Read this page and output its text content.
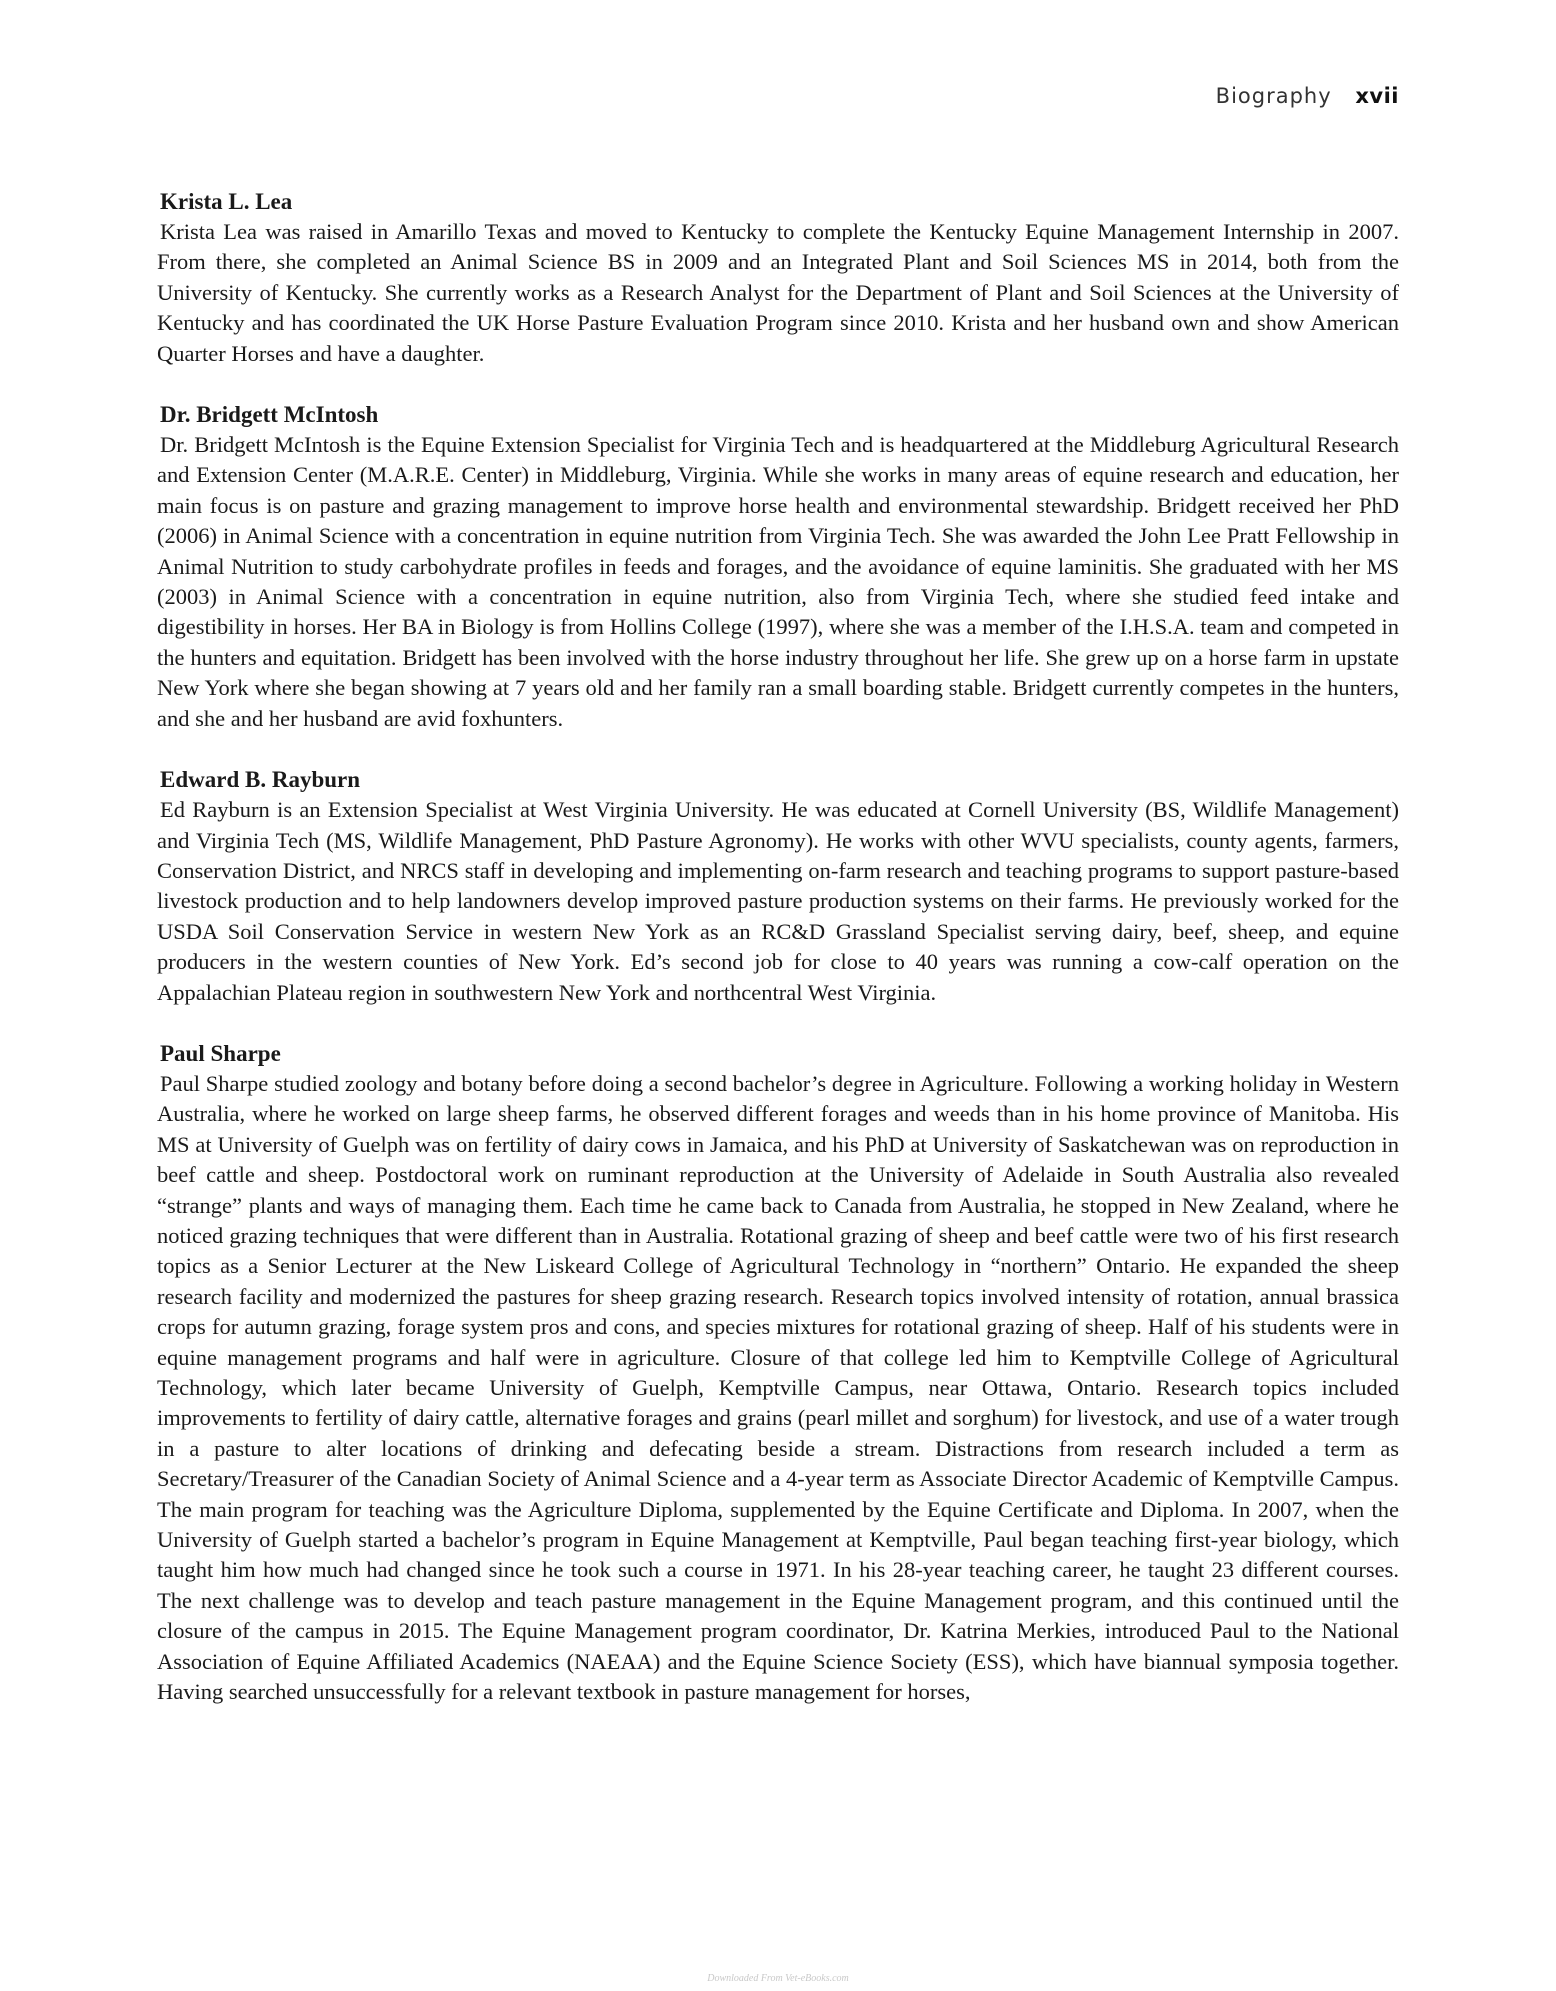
Biography xvii

Krista L. Lea

Krista Lea was raised in Amarillo Texas and moved to Kentucky to complete the Kentucky Equine Management Internship in 2007. From there, she completed an Animal Science BS in 2009 and an Integrated Plant and Soil Sciences MS in 2014, both from the University of Kentucky. She currently works as a Research Analyst for the Department of Plant and Soil Sciences at the University of Kentucky and has coordinated the UK Horse Pasture Evaluation Program since 2010. Krista and her husband own and show American Quarter Horses and have a daughter.

Dr. Bridgett McIntosh

Dr. Bridgett McIntosh is the Equine Extension Specialist for Virginia Tech and is headquartered at the Middleburg Agricultural Research and Extension Center (M.A.R.E. Center) in Middleburg, Virginia. While she works in many areas of equine research and education, her main focus is on pasture and grazing management to improve horse health and environmental stewardship. Bridgett received her PhD (2006) in Animal Science with a concentration in equine nutrition from Virginia Tech. She was awarded the John Lee Pratt Fellowship in Animal Nutrition to study carbohydrate profiles in feeds and forages, and the avoidance of equine laminitis. She graduated with her MS (2003) in Animal Science with a concentration in equine nutrition, also from Virginia Tech, where she studied feed intake and digestibility in horses. Her BA in Biology is from Hollins College (1997), where she was a member of the I.H.S.A. team and competed in the hunters and equitation. Bridgett has been involved with the horse industry throughout her life. She grew up on a horse farm in upstate New York where she began showing at 7 years old and her family ran a small boarding stable. Bridgett currently competes in the hunters, and she and her husband are avid foxhunters.

Edward B. Rayburn

Ed Rayburn is an Extension Specialist at West Virginia University. He was educated at Cornell University (BS, Wildlife Management) and Virginia Tech (MS, Wildlife Management, PhD Pasture Agronomy). He works with other WVU specialists, county agents, farmers, Conservation District, and NRCS staff in developing and implementing on-farm research and teaching programs to support pasture-based livestock production and to help landowners develop improved pasture production systems on their farms. He previously worked for the USDA Soil Conservation Service in western New York as an RC&D Grassland Specialist serving dairy, beef, sheep, and equine producers in the western counties of New York. Ed’s second job for close to 40 years was running a cow-calf operation on the Appalachian Plateau region in southwestern New York and northcentral West Virginia.

Paul Sharpe

Paul Sharpe studied zoology and botany before doing a second bachelor’s degree in Agriculture. Following a working holiday in Western Australia, where he worked on large sheep farms, he observed different forages and weeds than in his home province of Manitoba. His MS at University of Guelph was on fertility of dairy cows in Jamaica, and his PhD at University of Saskatchewan was on reproduction in beef cattle and sheep. Postdoctoral work on ruminant reproduction at the University of Adelaide in South Australia also revealed “strange” plants and ways of managing them. Each time he came back to Canada from Australia, he stopped in New Zealand, where he noticed grazing techniques that were different than in Australia. Rotational grazing of sheep and beef cattle were two of his first research topics as a Senior Lecturer at the New Liskeard College of Agricultural Technology in “northern” Ontario. He expanded the sheep research facility and modernized the pastures for sheep grazing research. Research topics involved intensity of rotation, annual brassica crops for autumn grazing, forage system pros and cons, and species mixtures for rotational grazing of sheep. Half of his students were in equine management programs and half were in agriculture. Closure of that college led him to Kemptville College of Agricultural Technology, which later became University of Guelph, Kemptville Campus, near Ottawa, Ontario. Research topics included improvements to fertility of dairy cattle, alternative forages and grains (pearl millet and sorghum) for livestock, and use of a water trough in a pasture to alter locations of drinking and defecating beside a stream. Distractions from research included a term as Secretary/Treasurer of the Canadian Society of Animal Science and a 4-year term as Associate Director Academic of Kemptville Campus. The main program for teaching was the Agriculture Diploma, supplemented by the Equine Certificate and Diploma. In 2007, when the University of Guelph started a bachelor’s program in Equine Management at Kemptville, Paul began teaching first-year biology, which taught him how much had changed since he took such a course in 1971. In his 28-year teaching career, he taught 23 different courses. The next challenge was to develop and teach pasture management in the Equine Management program, and this continued until the closure of the campus in 2015. The Equine Management program coordinator, Dr. Katrina Merkies, introduced Paul to the National Association of Equine Affiliated Academics (NAEAA) and the Equine Science Society (ESS), which have biannual symposia together. Having searched unsuccessfully for a relevant textbook in pasture management for horses,

Downloaded From Vet-eBooks.com
